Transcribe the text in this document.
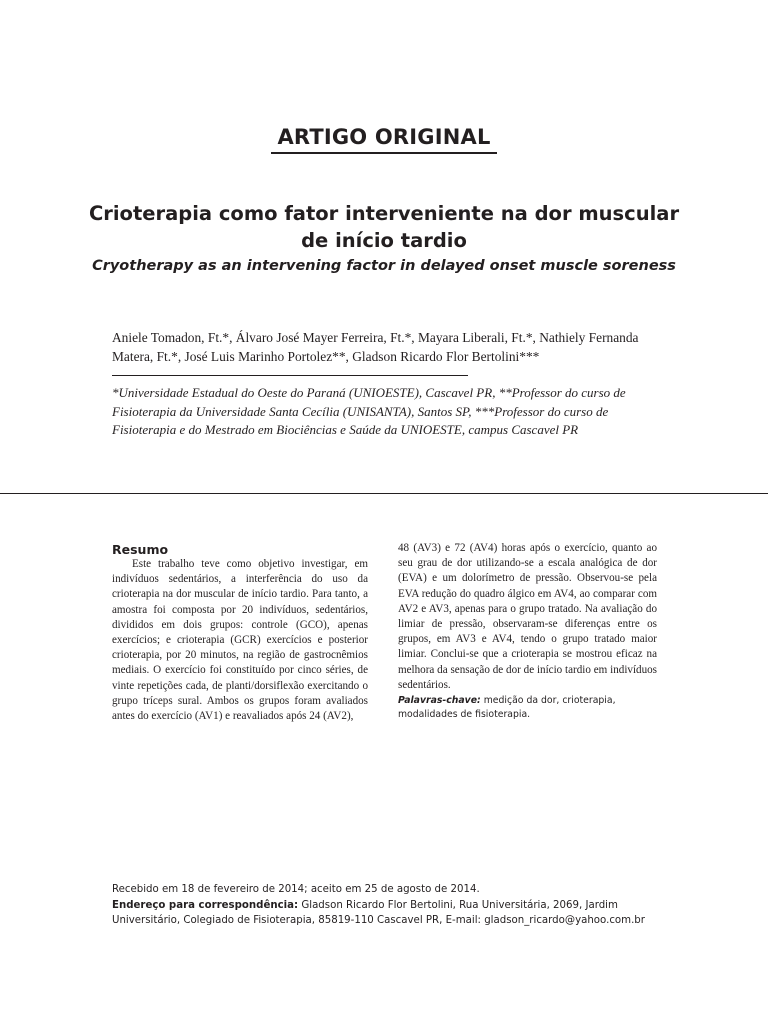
ARTIGO ORIGINAL
Crioterapia como fator interveniente na dor muscular de início tardio
Cryotherapy as an intervening factor in delayed onset muscle soreness

Aniele Tomadon, Ft.*, Álvaro José Mayer Ferreira, Ft.*, Mayara Liberali, Ft.*, Nathiely Fernanda Matera, Ft.*, José Luis Marinho Portolez**, Gladson Ricardo Flor Bertolini***

*Universidade Estadual do Oeste do Paraná (UNIOESTE), Cascavel PR, **Professor do curso de Fisioterapia da Universidade Santa Cecília (UNISANTA), Santos SP, ***Professor do curso de Fisioterapia e do Mestrado em Biociências e Saúde da UNIOESTE, campus Cascavel PR

Resumo

Este trabalho teve como objetivo investigar, em indivíduos sedentários, a interferência do uso da crioterapia na dor muscular de início tardio. Para tanto, a amostra foi composta por 20 indivíduos, sedentários, divididos em dois grupos: controle (GCO), apenas exercícios; e crioterapia (GCR) exercícios e posterior crioterapia, por 20 minutos, na região de gastrocnêmios mediais. O exercício foi constituído por cinco séries, de vinte repetições cada, de planti/dorsiflexão exercitando o grupo tríceps sural. Ambos os grupos foram avaliados antes do exercício (AV1) e reavaliados após 24 (AV2),

48 (AV3) e 72 (AV4) horas após o exercício, quanto ao seu grau de dor utilizando-se a escala analógica de dor (EVA) e um dolorímetro de pressão. Observou-se pela EVA redução do quadro álgico em AV4, ao comparar com AV2 e AV3, apenas para o grupo tratado. Na avaliação do limiar de pressão, observaram-se diferenças entre os grupos, em AV3 e AV4, tendo o grupo tratado maior limiar. Conclui-se que a crioterapia se mostrou eficaz na melhora da sensação de dor de início tardio em indivíduos sedentários.

Palavras-chave: medição da dor, crioterapia, modalidades de fisioterapia.

Recebido em 18 de fevereiro de 2014; aceito em 25 de agosto de 2014.
Endereço para correspondência: Gladson Ricardo Flor Bertolini, Rua Universitária, 2069, Jardim Universitário, Colegiado de Fisioterapia, 85819-110 Cascavel PR, E-mail: gladson_ricardo@yahoo.com.br
